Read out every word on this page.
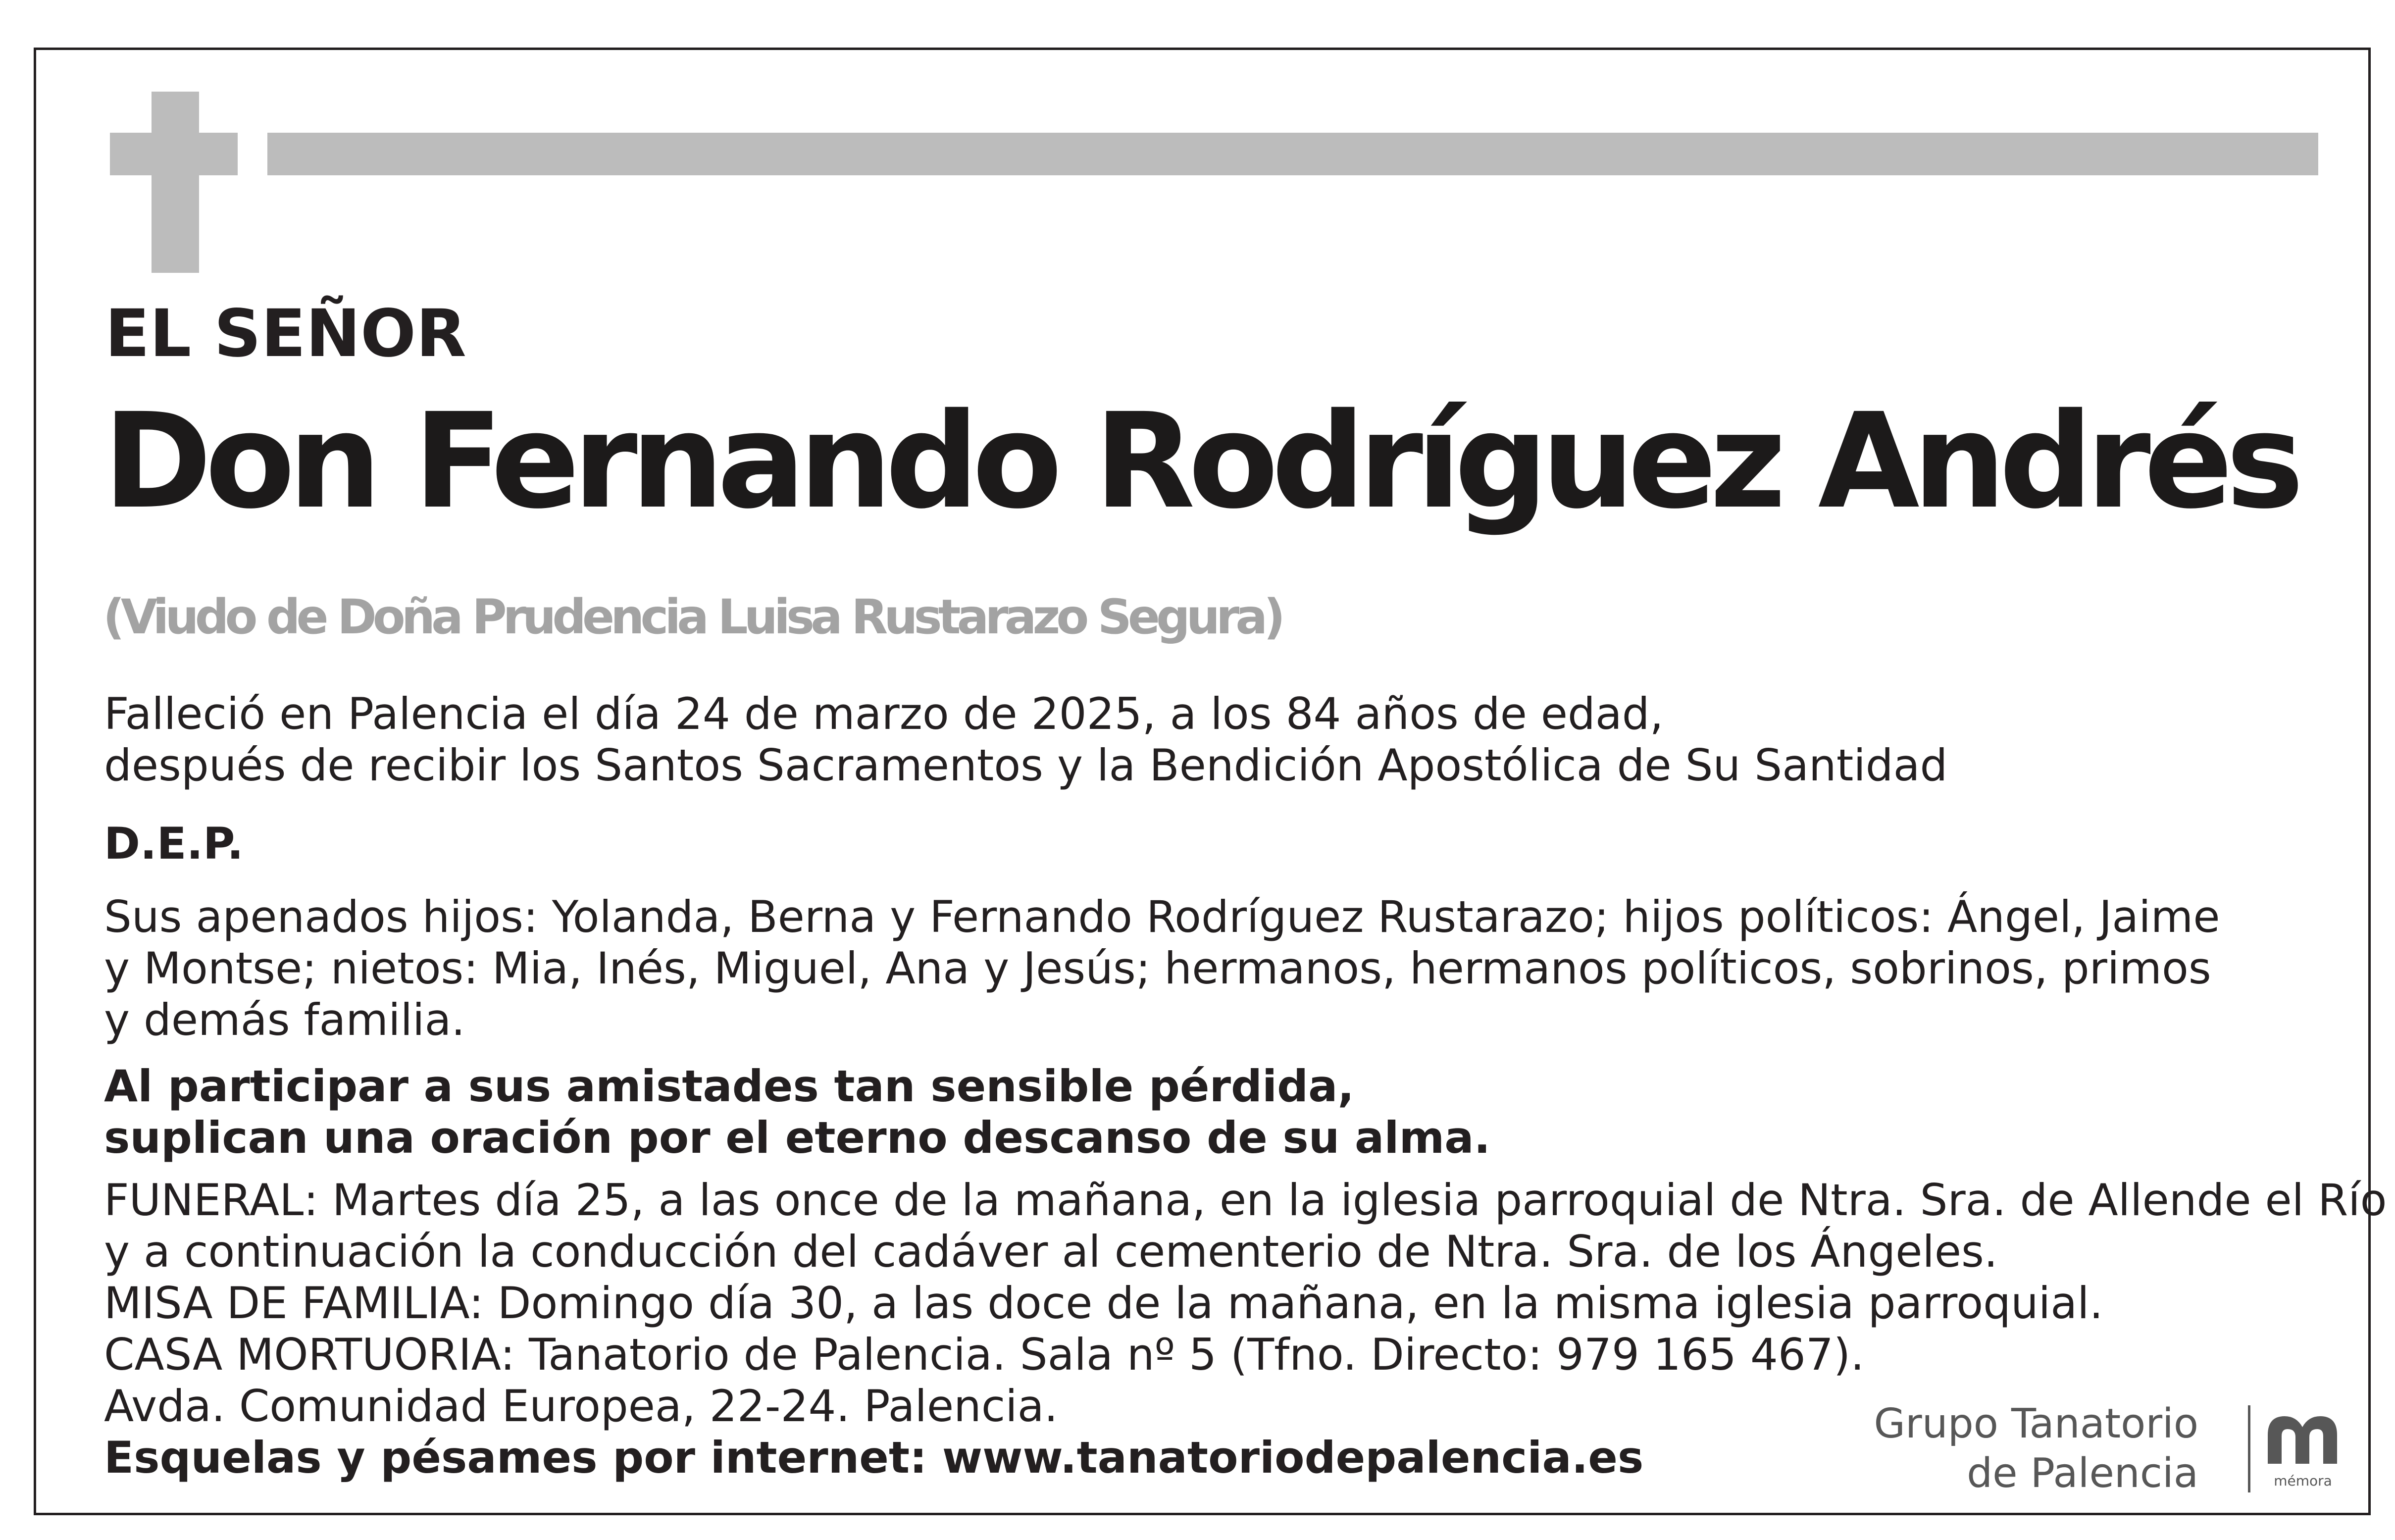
EL SEÑOR
Don Fernando Rodríguez Andrés
(Viudo de Doña Prudencia Luisa Rustarazo Segura)
Falleció en Palencia el día 24 de marzo de 2025, a los 84 años de edad,
después de recibir los Santos Sacramentos y la Bendición Apostólica de Su Santidad
D.E.P.
Sus apenados hijos: Yolanda, Berna y Fernando Rodríguez Rustarazo; hijos políticos: Ángel, Jaime
y Montse; nietos: Mia, Inés, Miguel, Ana y Jesús; hermanos, hermanos políticos, sobrinos, primos
y demás familia.
Al participar a sus amistades tan sensible pérdida,
suplican una oración por el eterno descanso de su alma.
FUNERAL: Martes día 25, a las once de la mañana, en la iglesia parroquial de Ntra. Sra. de Allende el Río
y a continuación la conducción del cadáver al cementerio de Ntra. Sra. de los Ángeles.
MISA DE FAMILIA: Domingo día 30, a las doce de la mañana, en la misma iglesia parroquial.
CASA MORTUORIA: Tanatorio de Palencia. Sala nº 5 (Tfno. Directo: 979 165 467).
Avda. Comunidad Europea, 22-24. Palencia.
Esquelas y pésames por internet: www.tanatoriodepalencia.es
Grupo Tanatorio
de Palencia	mémora
